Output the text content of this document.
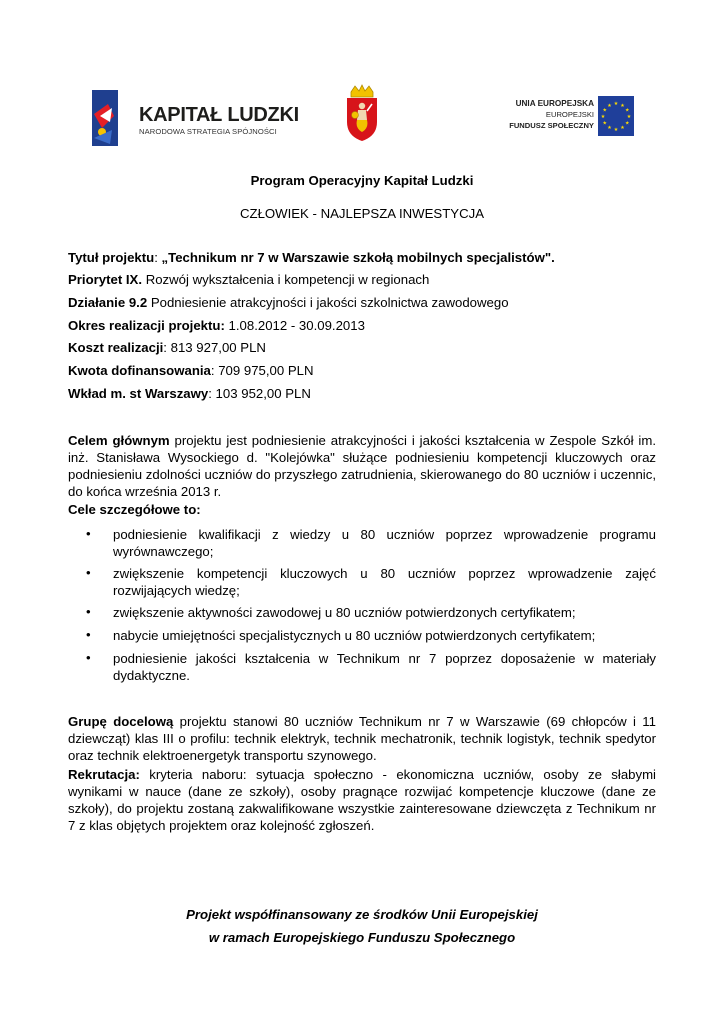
KAPITAŁ LUDZKI
NARODOWA STRATEGIA SPÓJNOŚCI
UNIA EUROPEJSKA
EUROPEJSKI
FUNDUSZ SPOŁECZNY
★ ★
★
★
★
★
★
★
★
★
★
★
Program Operacyjny Kapitał Ludzki
CZŁOWIEK - NAJLEPSZA INWESTYCJA
Tytuł projektu: „Technikum nr 7 w Warszawie szkołą mobilnych specjalistów".
Priorytet IX. Rozwój wykształcenia i kompetencji w regionach
Działanie 9.2 Podniesienie atrakcyjności i jakości szkolnictwa zawodowego
Okres realizacji projektu: 1.08.2012 - 30.09.2013
Koszt realizacji: 813 927,00 PLN
Kwota dofinansowania: 709 975,00 PLN
Wkład m. st Warszawy: 103 952,00 PLN
Celem głównym projektu jest podniesienie atrakcyjności i jakości kształcenia w Zespole Szkół im. inż. Stanisława Wysockiego d. "Kolejówka" służące podniesieniu kompetencji kluczowych oraz podniesieniu zdolności uczniów do przyszłego zatrudnienia, skierowanego do 80 uczniów i uczennic, do końca września 2013 r.
Cele szczegółowe to:
• podniesienie kwalifikacji z wiedzy u 80 uczniów poprzez wprowadzenie programu wyrównawczego;
• zwiększenie kompetencji kluczowych u 80 uczniów poprzez wprowadzenie zajęć rozwijających wiedzę;
• zwiększenie aktywności zawodowej u 80 uczniów potwierdzonych certyfikatem;
• nabycie umiejętności specjalistycznych u 80 uczniów potwierdzonych certyfikatem;
• podniesienie jakości kształcenia w Technikum nr 7 poprzez doposażenie w materiały dydaktyczne.
Grupę docelową projektu stanowi 80 uczniów Technikum nr 7 w Warszawie (69 chłopców i 11 dziewcząt) klas III o profilu: technik elektryk, technik mechatronik, technik logistyk, technik spedytor oraz technik elektroenergetyk transportu szynowego.
Rekrutacja: kryteria naboru: sytuacja społeczno - ekonomiczna uczniów, osoby ze słabymi wynikami w nauce (dane ze szkoły), osoby pragnące rozwijać kompetencje kluczowe (dane ze szkoły), do projektu zostaną zakwalifikowane wszystkie zainteresowane dziewczęta z Technikum nr 7 z klas objętych projektem oraz kolejność zgłoszeń.
Projekt współfinansowany ze środków Unii Europejskiej
w ramach Europejskiego Funduszu Społecznego
